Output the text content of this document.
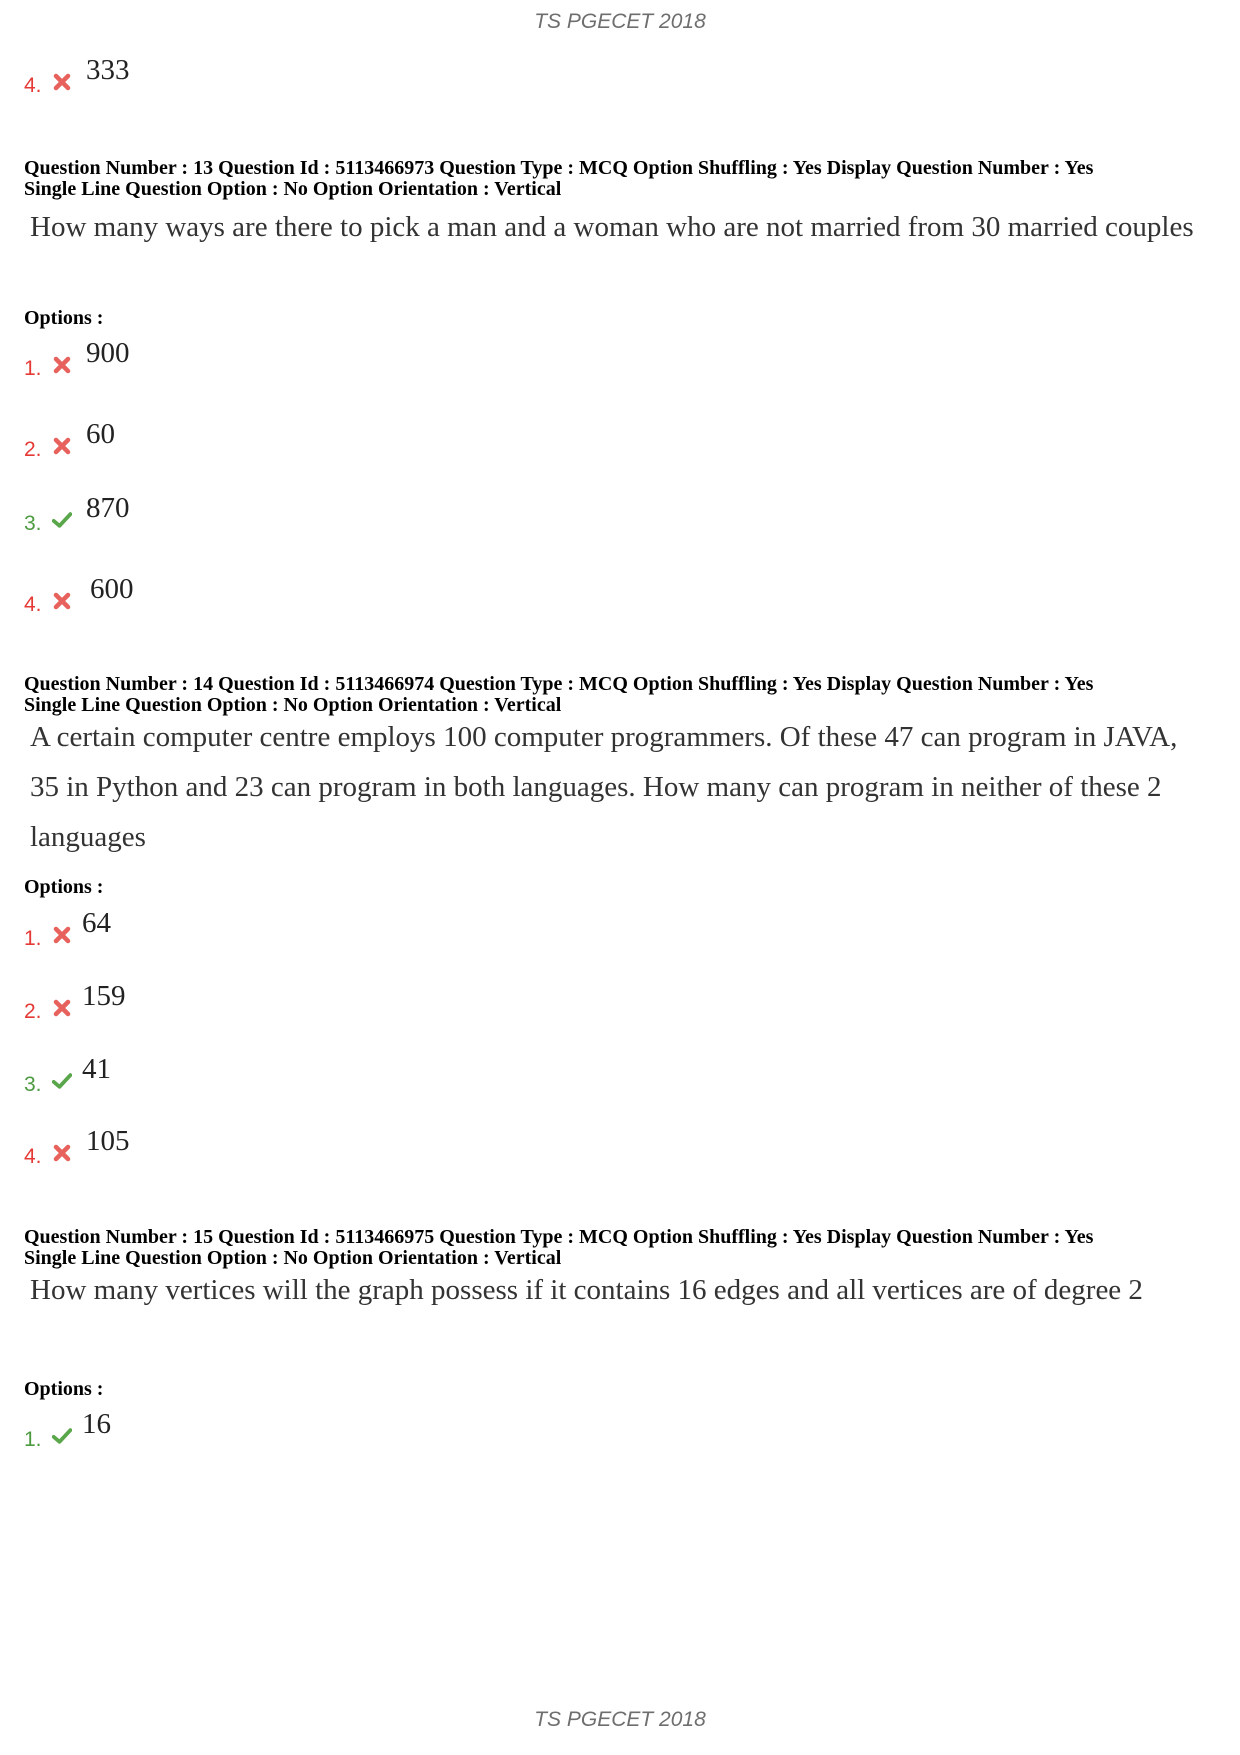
TS PGECET 2018
4. 333
Question Number : 13 Question Id : 5113466973 Question Type : MCQ Option Shuffling : Yes Display Question Number : Yes
Single Line Question Option : No Option Orientation : Vertical

How many ways are there to pick a man and a woman who are not married from 30 married couples

Options :
1. 900
2. 60
3. 870
4. 600
Question Number : 14 Question Id : 5113466974 Question Type : MCQ Option Shuffling : Yes Display Question Number : Yes
Single Line Question Option : No Option Orientation : Vertical

A certain computer centre employs 100 computer programmers. Of these 47 can program in JAVA, 35 in Python and 23 can program in both languages. How many can program in neither of these 2 languages

Options :
1. 64
2. 159
3. 41
4. 105
Question Number : 15 Question Id : 5113466975 Question Type : MCQ Option Shuffling : Yes Display Question Number : Yes
Single Line Question Option : No Option Orientation : Vertical

How many vertices will the graph possess if it contains 16 edges and all vertices are of degree 2

Options :
1. 16
TS PGECET 2018
